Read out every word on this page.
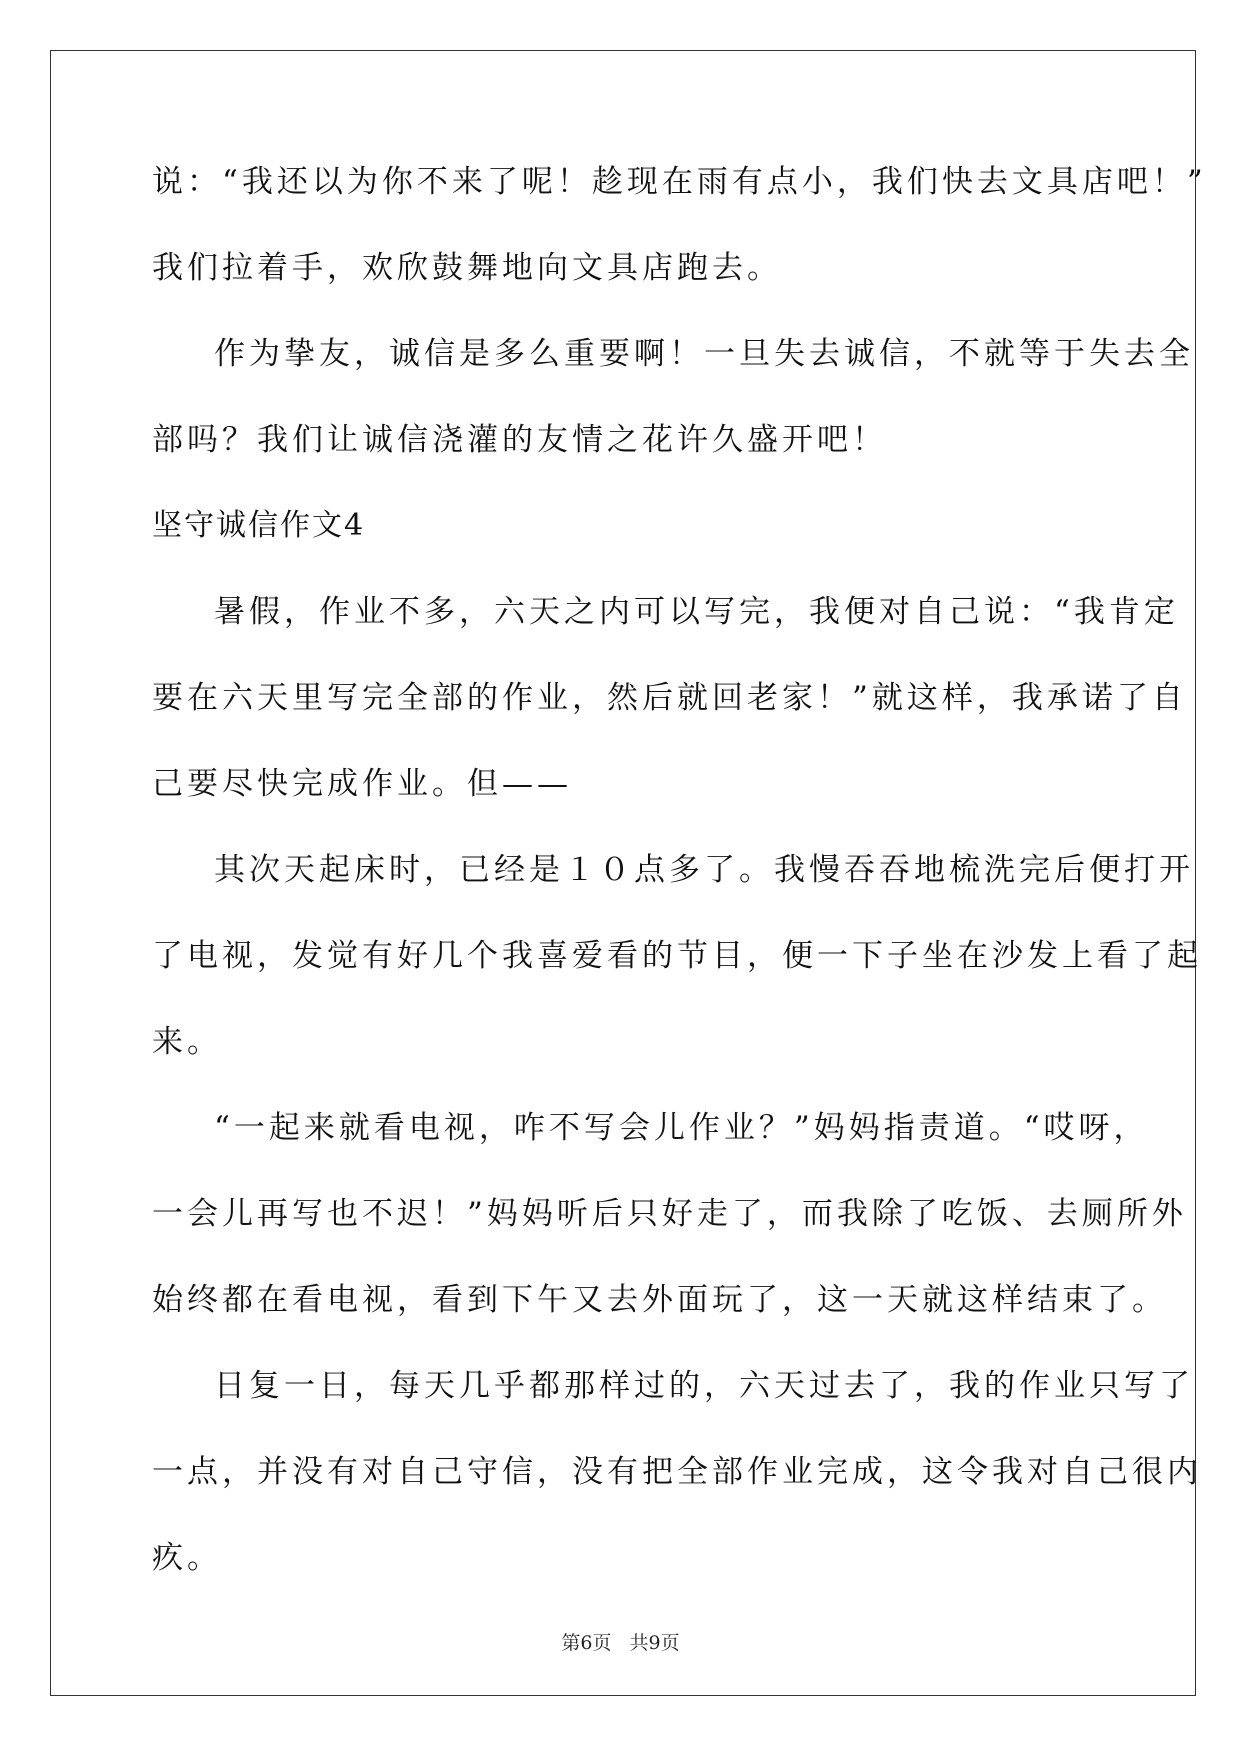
说：“我还以为你不来了呢！趁现在雨有点小，我们快去文具店吧！”
我们拉着手，欢欣鼓舞地向文具店跑去。
作为挚友，诚信是多么重要啊！一旦失去诚信，不就等于失去全
部吗？我们让诚信浇灌的友情之花许久盛开吧！
坚守诚信作文4
暑假，作业不多，六天之内可以写完，我便对自己说：“我肯定
要在六天里写完全部的作业，然后就回老家！”就这样，我承诺了自
己要尽快完成作业。但——
其次天起床时，已经是１０点多了。我慢吞吞地梳洗完后便打开
了电视，发觉有好几个我喜爱看的节目，便一下子坐在沙发上看了起
来。
“一起来就看电视，咋不写会儿作业？”妈妈指责道。“哎呀，
一会儿再写也不迟！”妈妈听后只好走了，而我除了吃饭、去厕所外
始终都在看电视，看到下午又去外面玩了，这一天就这样结束了。
日复一日，每天几乎都那样过的，六天过去了，我的作业只写了
一点，并没有对自己守信，没有把全部作业完成，这令我对自己很内
疚。
第6页 共9页
